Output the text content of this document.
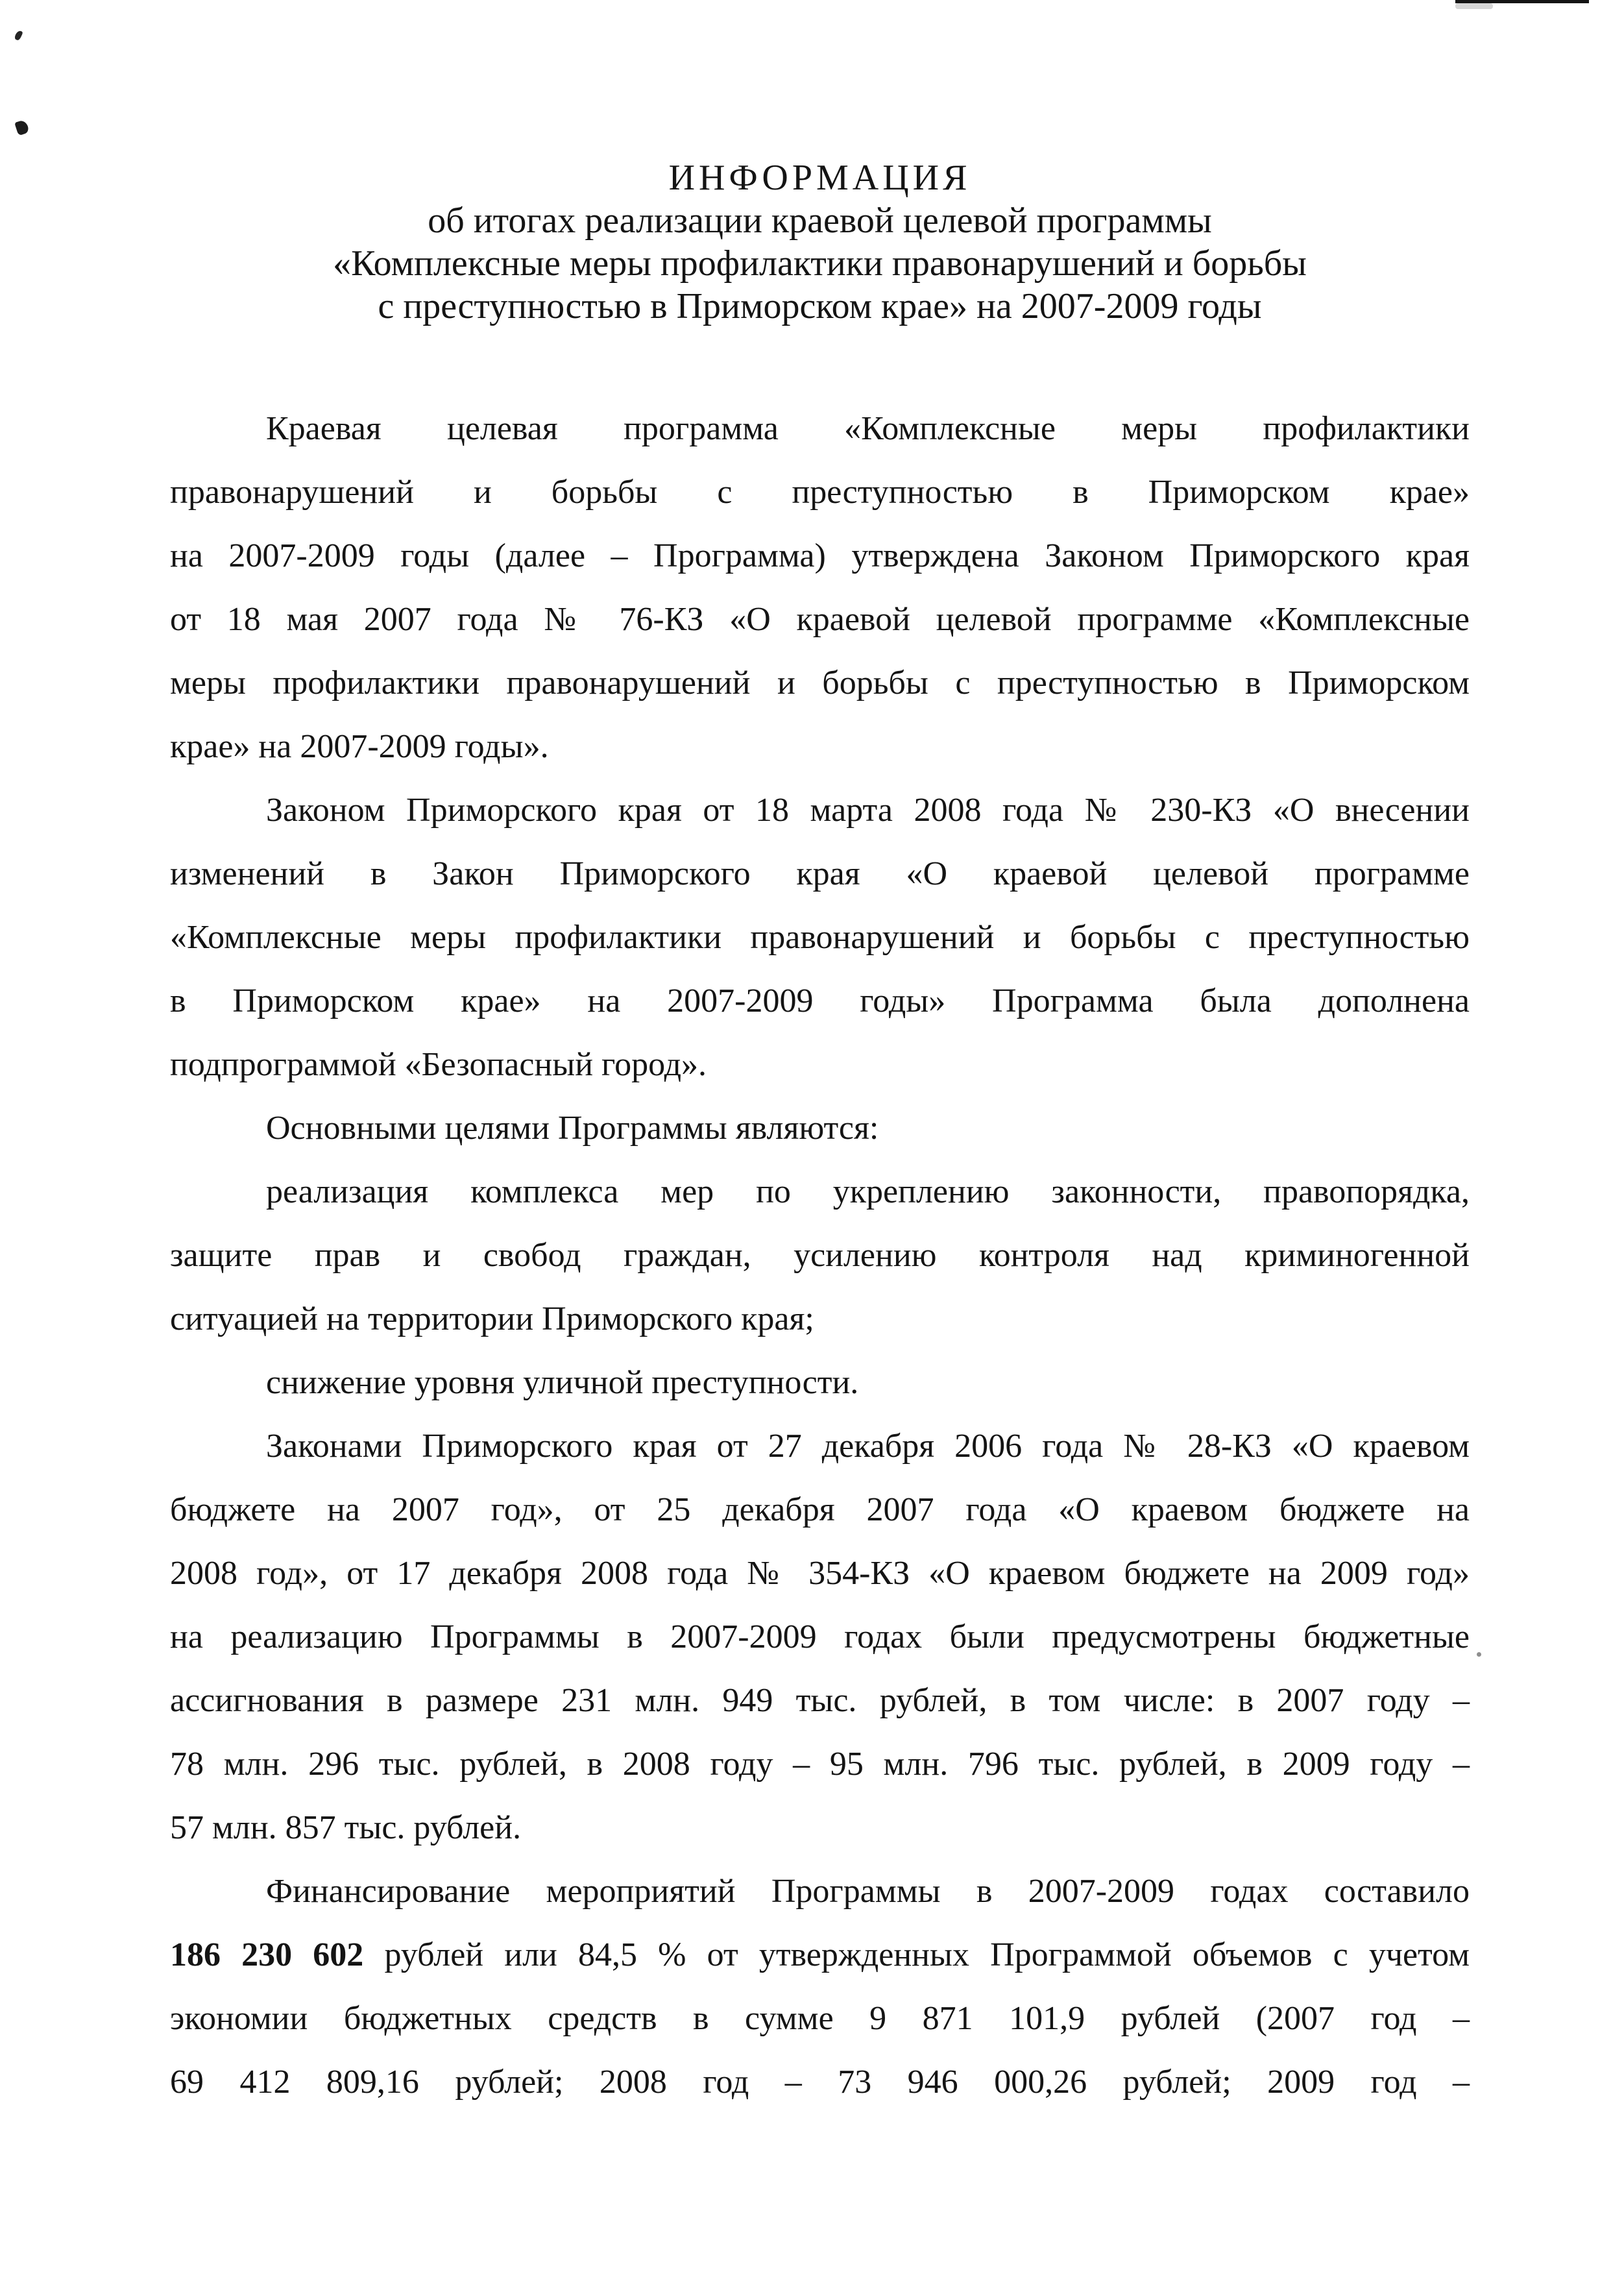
ИНФОРМАЦИЯ
об итогах реализации краевой целевой программы
«Комплексные меры профилактики правонарушений и борьбы
с преступностью в Приморском крае» на 2007-2009 годы
Краевая целевая программа «Комплексные меры профилактики
правонарушений и борьбы с преступностью в Приморском крае»
на 2007-2009 годы (далее – Программа) утверждена Законом Приморского края
от 18 мая 2007 года № 76-КЗ «О краевой целевой программе «Комплексные
меры профилактики правонарушений и борьбы с преступностью в Приморском
крае» на 2007-2009 годы».
Законом Приморского края от 18 марта 2008 года № 230-КЗ «О внесении
изменений в Закон Приморского края «О краевой целевой программе
«Комплексные меры профилактики правонарушений и борьбы с преступностью
в Приморском крае» на 2007-2009 годы» Программа была дополнена
подпрограммой «Безопасный город».
Основными целями Программы являются:
реализация комплекса мер по укреплению законности, правопорядка,
защите прав и свобод граждан, усилению контроля над криминогенной
ситуацией на территории Приморского края;
снижение уровня уличной преступности.
Законами Приморского края от 27 декабря 2006 года № 28-КЗ «О краевом
бюджете на 2007 год», от 25 декабря 2007 года «О краевом бюджете на
2008 год», от 17 декабря 2008 года № 354-КЗ «О краевом бюджете на 2009 год»
на реализацию Программы в 2007-2009 годах были предусмотрены бюджетные
ассигнования в размере 231 млн. 949 тыс. рублей, в том числе: в 2007 году –
78 млн. 296 тыс. рублей, в 2008 году – 95 млн. 796 тыс. рублей, в 2009 году –
57 млн. 857 тыс. рублей.
Финансирование мероприятий Программы в 2007-2009 годах составило
186 230 602 рублей или 84,5 % от утвержденных Программой объемов с учетом
экономии бюджетных средств в сумме 9 871 101,9 рублей (2007 год –
69 412 809,16 рублей; 2008 год – 73 946 000,26 рублей; 2009 год –
